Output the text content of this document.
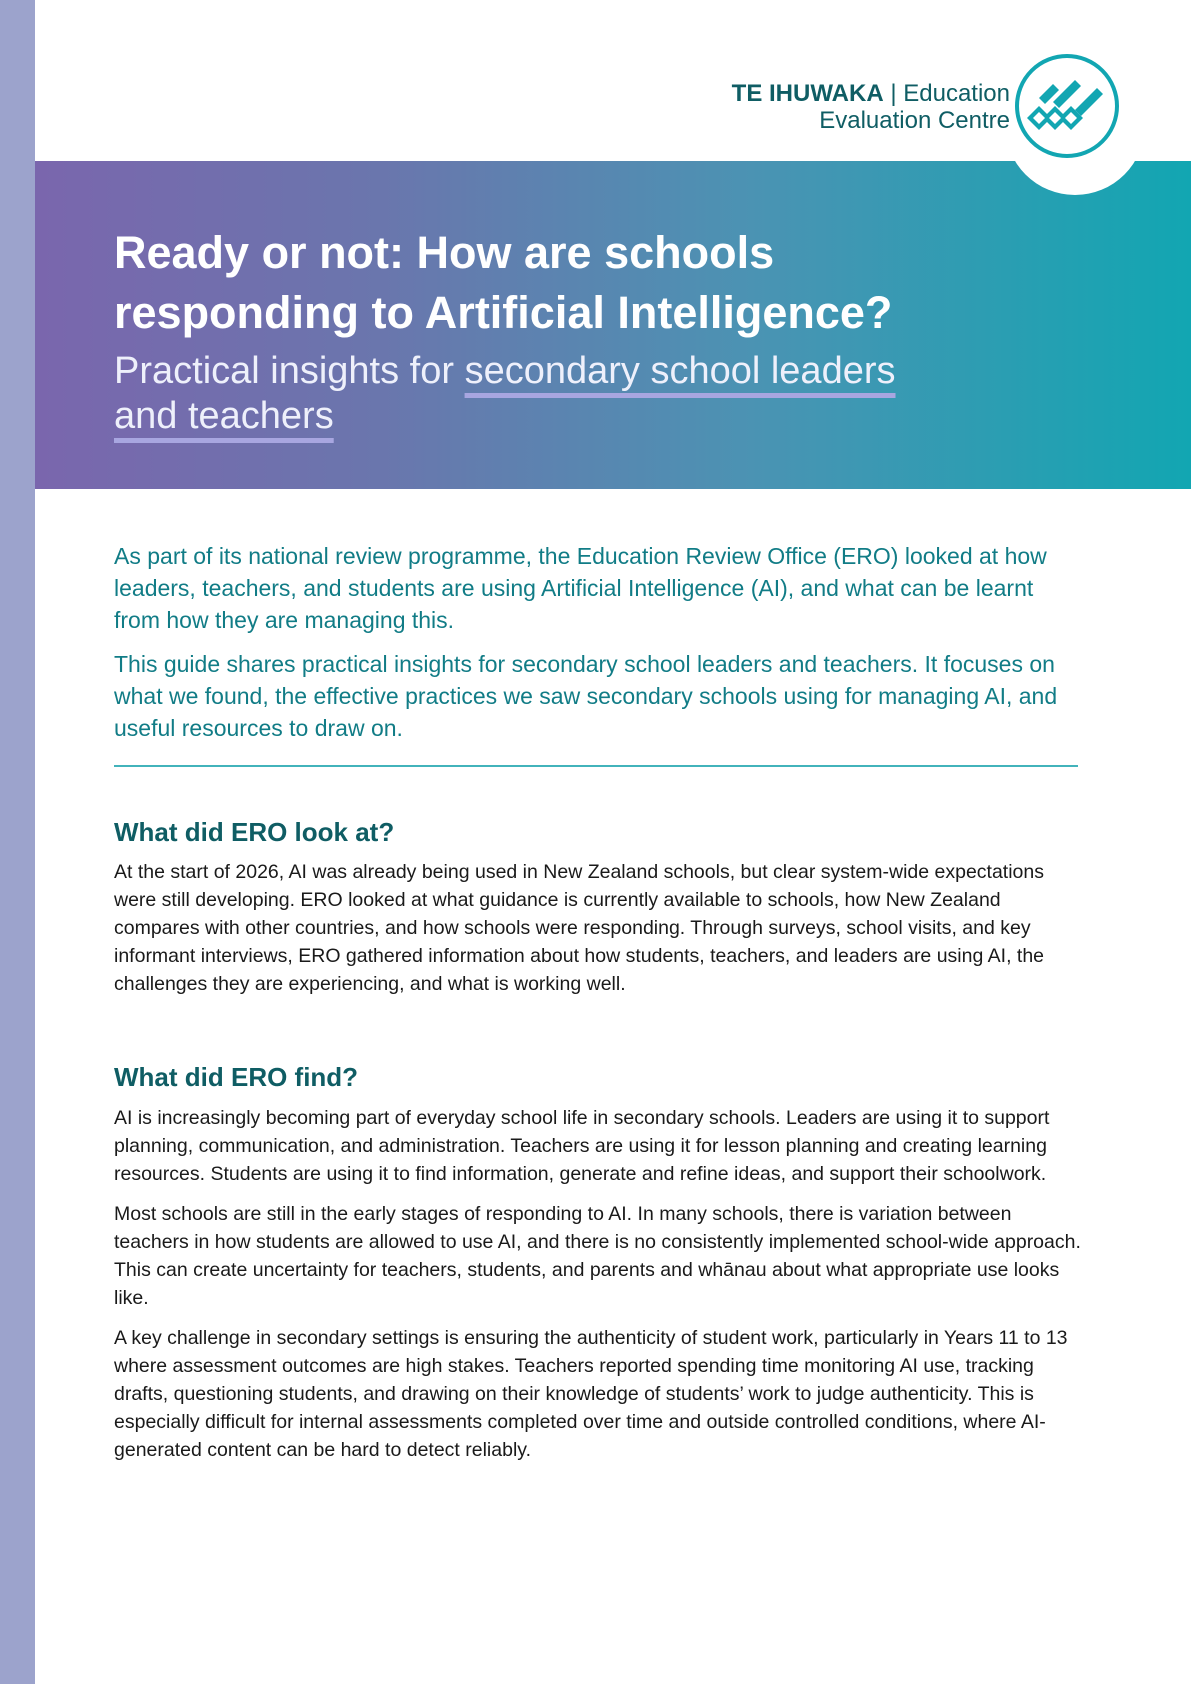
TE IHUWAKA | Education
Evaluation Centre
Ready or not: How are schools
responding to Artificial Intelligence?

Practical insights for secondary school leaders
and teachers

As part of its national review programme, the Education Review Office (ERO) looked at how leaders, teachers, and students are using Artificial Intelligence (AI), and what can be learnt from how they are managing this.

This guide shares practical insights for secondary school leaders and teachers. It focuses on what we found, the effective practices we saw secondary schools using for managing AI, and useful resources to draw on.

What did ERO look at?

At the start of 2026, AI was already being used in New Zealand schools, but clear system-wide expectations were still developing. ERO looked at what guidance is currently available to schools, how New Zealand compares with other countries, and how schools were responding. Through surveys, school visits, and key informant interviews, ERO gathered information about how students, teachers, and leaders are using AI, the challenges they are experiencing, and what is working well.

What did ERO find?

AI is increasingly becoming part of everyday school life in secondary schools. Leaders are using it to support planning, communication, and administration. Teachers are using it for lesson planning and creating learning resources. Students are using it to find information, generate and refine ideas, and support their schoolwork.

Most schools are still in the early stages of responding to AI. In many schools, there is variation between teachers in how students are allowed to use AI, and there is no consistently implemented school-wide approach. This can create uncertainty for teachers, students, and parents and whānau about what appropriate use looks like.

A key challenge in secondary settings is ensuring the authenticity of student work, particularly in Years 11 to 13 where assessment outcomes are high stakes. Teachers reported spending time monitoring AI use, tracking drafts, questioning students, and drawing on their knowledge of students’ work to judge authenticity. This is especially difficult for internal assessments completed over time and outside controlled conditions, where AI-generated content can be hard to detect reliably.
